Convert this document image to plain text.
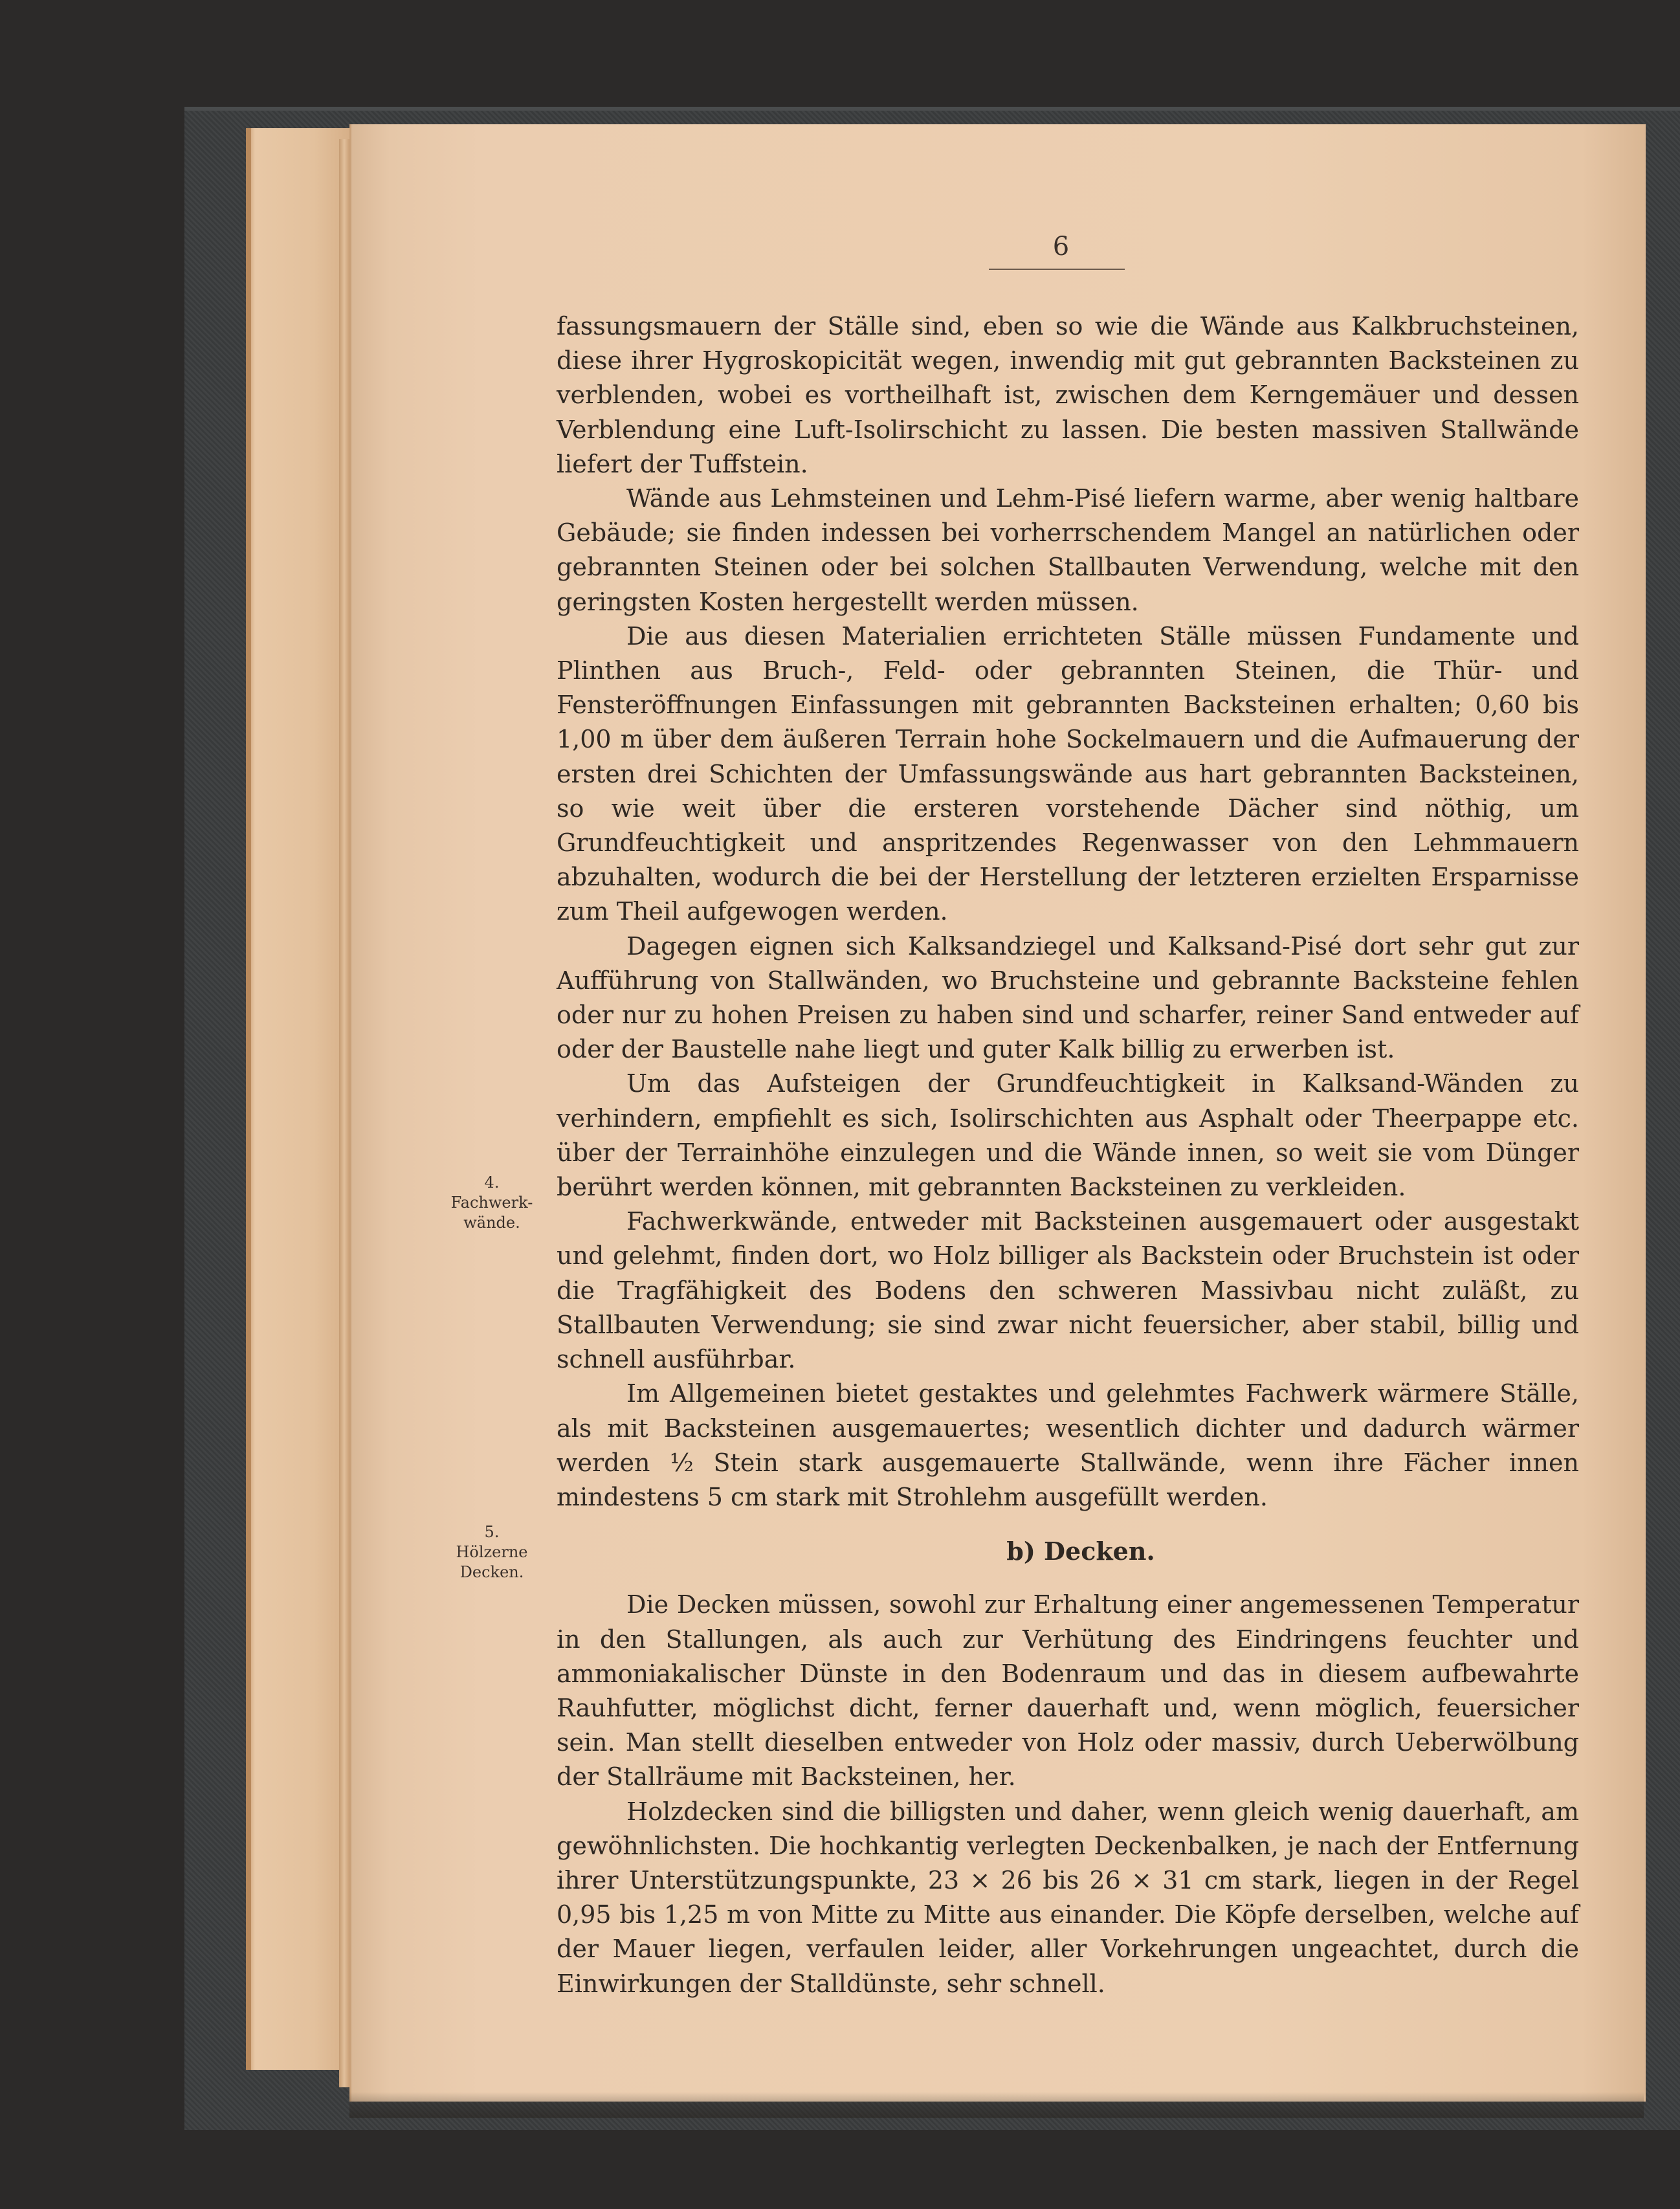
6
4.
Fachwerk-
wände.
5.
Hölzerne
Decken.

fassungsmauern der Ställe sind, eben so wie die Wände aus Kalkbruchsteinen, diese ihrer Hygroskopicität wegen, inwendig mit gut gebrannten Backsteinen zu verblenden, wobei es vortheilhaft ist, zwischen dem Kerngemäuer und dessen Verblendung eine Luft-Isolirschicht zu lassen. Die besten massiven Stallwände liefert der Tuffstein.

Wände aus Lehmsteinen und Lehm-Pisé liefern warme, aber wenig haltbare Gebäude; sie finden indessen bei vorherrschendem Mangel an natürlichen oder gebrannten Steinen oder bei solchen Stallbauten Verwendung, welche mit den geringsten Kosten hergestellt werden müssen.

Die aus diesen Materialien errichteten Ställe müssen Fundamente und Plinthen aus Bruch-, Feld- oder gebrannten Steinen, die Thür- und Fensteröffnungen Einfassungen mit gebrannten Backsteinen erhalten; 0,60 bis 1,00 m über dem äußeren Terrain hohe Sockelmauern und die Aufmauerung der ersten drei Schichten der Umfassungswände aus hart gebrannten Backsteinen, so wie weit über die ersteren vorstehende Dächer sind nöthig, um Grundfeuchtigkeit und anspritzendes Regenwasser von den Lehmmauern abzuhalten, wodurch die bei der Herstellung der letzteren erzielten Ersparnisse zum Theil aufgewogen werden.

Dagegen eignen sich Kalksandziegel und Kalksand-Pisé dort sehr gut zur Aufführung von Stallwänden, wo Bruchsteine und gebrannte Backsteine fehlen oder nur zu hohen Preisen zu haben sind und scharfer, reiner Sand entweder auf oder der Baustelle nahe liegt und guter Kalk billig zu erwerben ist.

Um das Aufsteigen der Grundfeuchtigkeit in Kalksand-Wänden zu verhindern, empfiehlt es sich, Isolirschichten aus Asphalt oder Theerpappe etc. über der Terrainhöhe einzulegen und die Wände innen, so weit sie vom Dünger berührt werden können, mit gebrannten Backsteinen zu verkleiden.

Fachwerkwände, entweder mit Backsteinen ausgemauert oder ausgestakt und gelehmt, finden dort, wo Holz billiger als Backstein oder Bruchstein ist oder die Tragfähigkeit des Bodens den schweren Massivbau nicht zuläßt, zu Stallbauten Verwendung; sie sind zwar nicht feuersicher, aber stabil, billig und schnell ausführbar.

Im Allgemeinen bietet gestaktes und gelehmtes Fachwerk wärmere Ställe, als mit Backsteinen ausgemauertes; wesentlich dichter und dadurch wärmer werden ½ Stein stark ausgemauerte Stallwände, wenn ihre Fächer innen mindestens 5 cm stark mit Strohlehm ausgefüllt werden.

b) Decken.

Die Decken müssen, sowohl zur Erhaltung einer angemessenen Temperatur in den Stallungen, als auch zur Verhütung des Eindringens feuchter und ammoniakalischer Dünste in den Bodenraum und das in diesem aufbewahrte Rauhfutter, möglichst dicht, ferner dauerhaft und, wenn möglich, feuersicher sein. Man stellt dieselben entweder von Holz oder massiv, durch Ueberwölbung der Stallräume mit Backsteinen, her.

Holzdecken sind die billigsten und daher, wenn gleich wenig dauerhaft, am gewöhnlichsten. Die hochkantig verlegten Deckenbalken, je nach der Entfernung ihrer Unterstützungspunkte, 23 × 26 bis 26 × 31 cm stark, liegen in der Regel 0,95 bis 1,25 m von Mitte zu Mitte aus einander. Die Köpfe derselben, welche auf der Mauer liegen, verfaulen leider, aller Vorkehrungen ungeachtet, durch die Einwirkungen der Stalldünste, sehr schnell.
